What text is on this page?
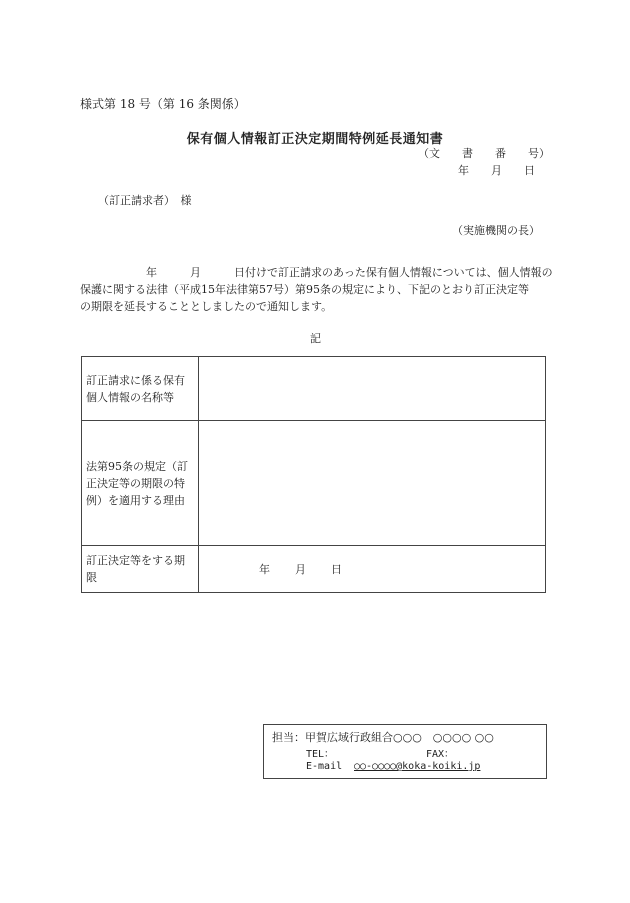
様式第 18 号（第 16 条関係）
保有個人情報訂正決定期間特例延長通知書
（文　　書　　番　　号）
年　　月　　日
（訂正請求者）　様
（実施機関の長）
　　　　　　年　　　月　　　日付けで訂正請求のあった保有個人情報については、個人情報の
保護に関する法律（平成15年法律第57号）第95条の規定により、下記のとおり訂正決定等
の期限を延長することとしましたので通知します。
記
訂正請求に係る保有
個人情報の名称等	

法第95条の規定（訂
正決定等の期限の特
例）を適用する理由	

訂正決定等をする期
限	年　　月　　日
担当：甲賀広域行政組合○○○　○○○○ ○○
TEL：	FAX：
E-mail ○○-○○○○@koka-koiki.jp
